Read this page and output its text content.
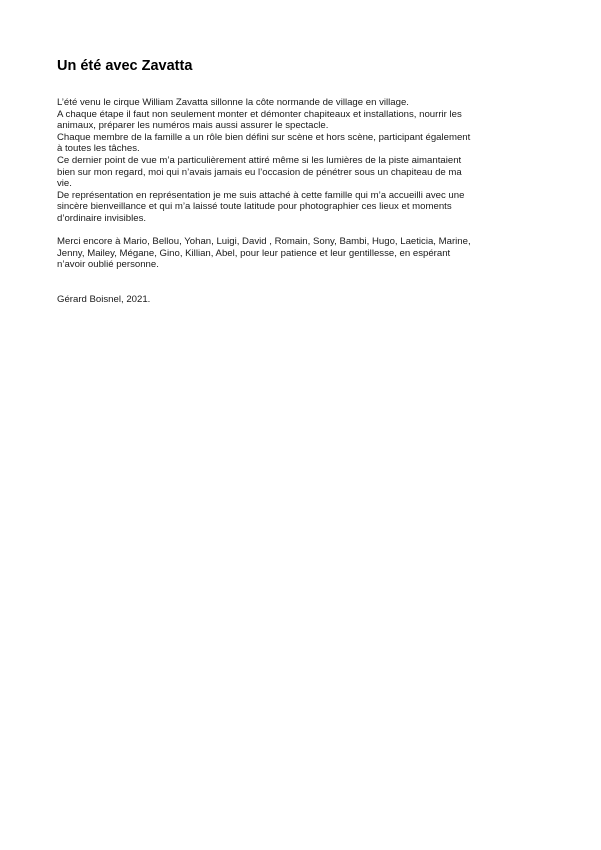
Un été avec Zavatta

L’été venu le cirque William Zavatta sillonne la côte normande de village en village.
A chaque étape il faut non seulement monter et démonter chapiteaux et installations, nourrir les
animaux, préparer les numéros mais aussi assurer le spectacle.
Chaque membre de la famille a un rôle bien défini sur scène et hors scène, participant également
à toutes les tâches.
Ce dernier point de vue m’a particulièrement attiré même si les lumières de la piste aimantaient
bien sur mon regard, moi qui n’avais jamais eu l’occasion de pénétrer sous un chapiteau de ma
vie.
De représentation en représentation je me suis attaché à cette famille qui m’a accueilli avec une
sincère bienveillance et qui m’a laissé toute latitude pour photographier ces lieux et moments
d’ordinaire invisibles.

Merci encore à Mario, Bellou, Yohan, Luigi, David , Romain, Sony, Bambi, Hugo, Laeticia, Marine,
Jenny, Mailey, Mégane, Gino, Killian, Abel, pour leur patience et leur gentillesse, en espérant
n’avoir oublié personne.

Gérard Boisnel, 2021.
